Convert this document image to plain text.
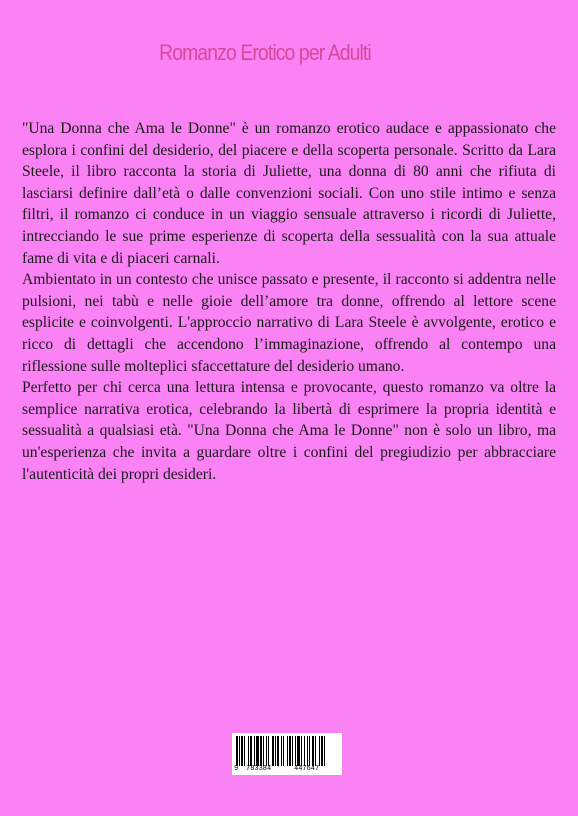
Romanzo Erotico per Adulti

"Una Donna che Ama le Donne" è un romanzo erotico audace e appassionato che esplora i confini del desiderio, del piacere e della scoperta personale. Scritto da Lara Steele, il libro racconta la storia di Juliette, una donna di 80 anni che rifiuta di lasciarsi definire dall’età o dalle convenzioni sociali. Con uno stile intimo e senza filtri, il romanzo ci conduce in un viaggio sensuale attraverso i ricordi di Juliette, intrecciando le sue prime esperienze di scoperta della sessualità con la sua attuale fame di vita e di piaceri carnali.

Ambientato in un contesto che unisce passato e presente, il racconto si addentra nelle pulsioni, nei tabù e nelle gioie dell’amore tra donne, offrendo al lettore scene esplicite e coinvolgenti. L'approccio narrativo di Lara Steele è avvolgente, erotico e ricco di dettagli che accendono l’immaginazione, offrendo al contempo una riflessione sulle molteplici sfaccettature del desiderio umano.

Perfetto per chi cerca una lettura intensa e provocante, questo romanzo va oltre la semplice narrativa erotica, celebrando la libertà di esprimere la propria identità e sessualità a qualsiasi età. "Una Donna che Ama le Donne" non è solo un libro, ma un'esperienza che invita a guardare oltre i confini del pregiudizio per abbracciare l'autenticità dei propri desideri.

9 783384	447647
